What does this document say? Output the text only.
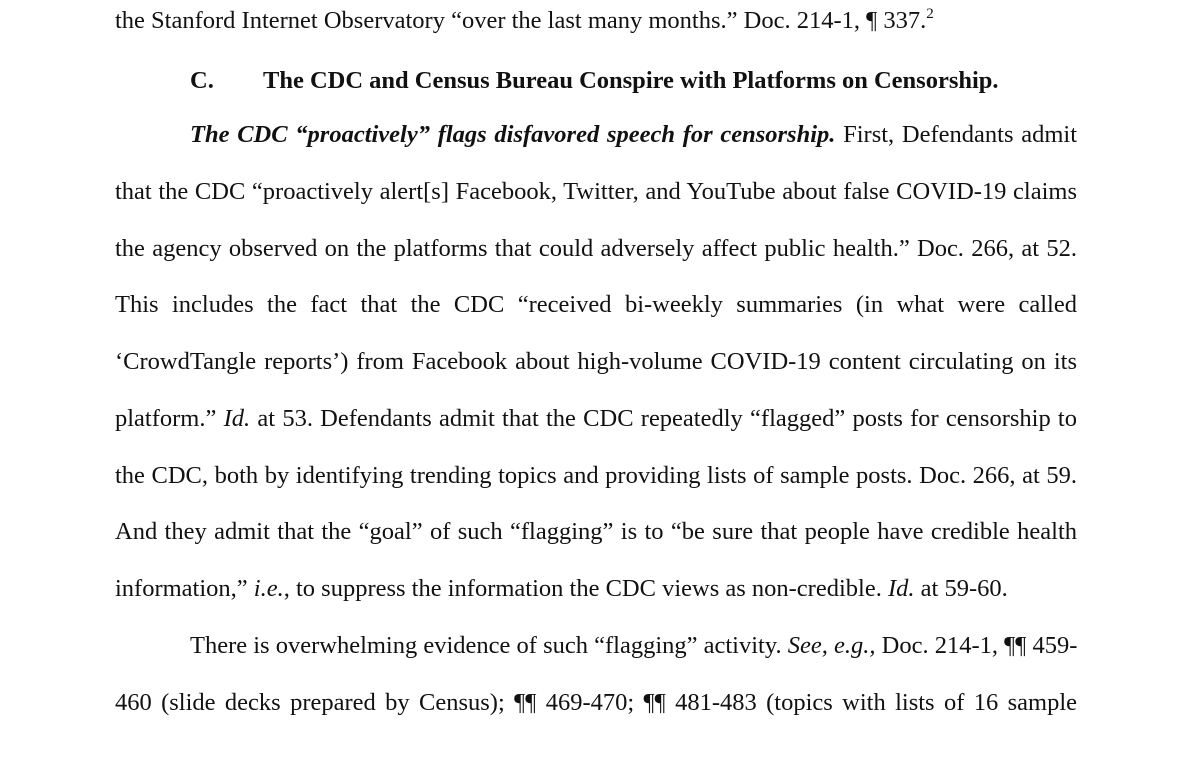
the Stanford Internet Observatory “over the last many months.” Doc. 214-1, ¶ 337.$^2$
C. The CDC and Census Bureau Conspire with Platforms on Censorship.
The CDC “proactively” flags disfavored speech for censorship. First, Defendants admit
that the CDC “proactively alert[s] Facebook, Twitter, and YouTube about false COVID-19 claims
the agency observed on the platforms that could adversely affect public health.” Doc. 266, at 52.
This includes the fact that the CDC “received bi-weekly summaries (in what were called
‘CrowdTangle reports’) from Facebook about high-volume COVID-19 content circulating on its
platform.” Id. at 53. Defendants admit that the CDC repeatedly “flagged” posts for censorship to
the CDC, both by identifying trending topics and providing lists of sample posts. Doc. 266, at 59.
And they admit that the “goal” of such “flagging” is to “be sure that people have credible health
information,” i.e., to suppress the information the CDC views as non-credible. Id. at 59-60.
There is overwhelming evidence of such “flagging” activity. See, e.g., Doc. 214-1, ¶¶ 459-
460 (slide decks prepared by Census); ¶¶ 469-470; ¶¶ 481-483 (topics with lists of 16 sample
